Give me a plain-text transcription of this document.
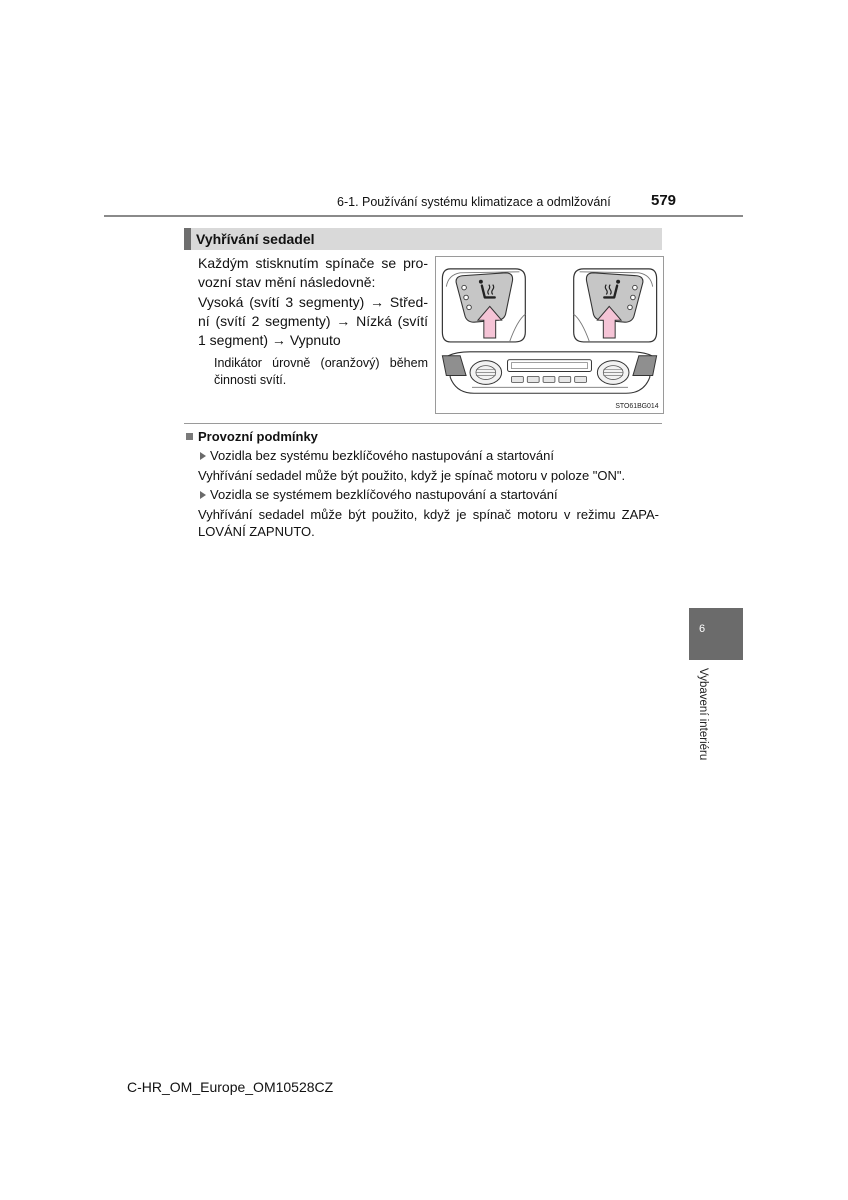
6-1. Používání systému klimatizace a odmlžování	579
Vyhřívání sedadel
Každým stisknutím spínače se pro-
vozní stav mění následovně:
Vysoká (svítí 3 segmenty) → Střed-
ní (svítí 2 segmenty) → Nízká (svítí
1 segment) → Vypnuto
Indikátor úrovně (oranžový) během
činnosti svítí.
STO61BG014
Provozní podmínky
Vozidla bez systému bezklíčového nastupování a startování
Vyhřívání sedadel může být použito, když je spínač motoru v poloze "ON".
Vozidla se systémem bezklíčového nastupování a startování
Vyhřívání sedadel může být použito, když je spínač motoru v režimu ZAPA-
LOVÁNÍ ZAPNUTO.
6
Vybavení interiéru
C-HR_OM_Europe_OM10528CZ
